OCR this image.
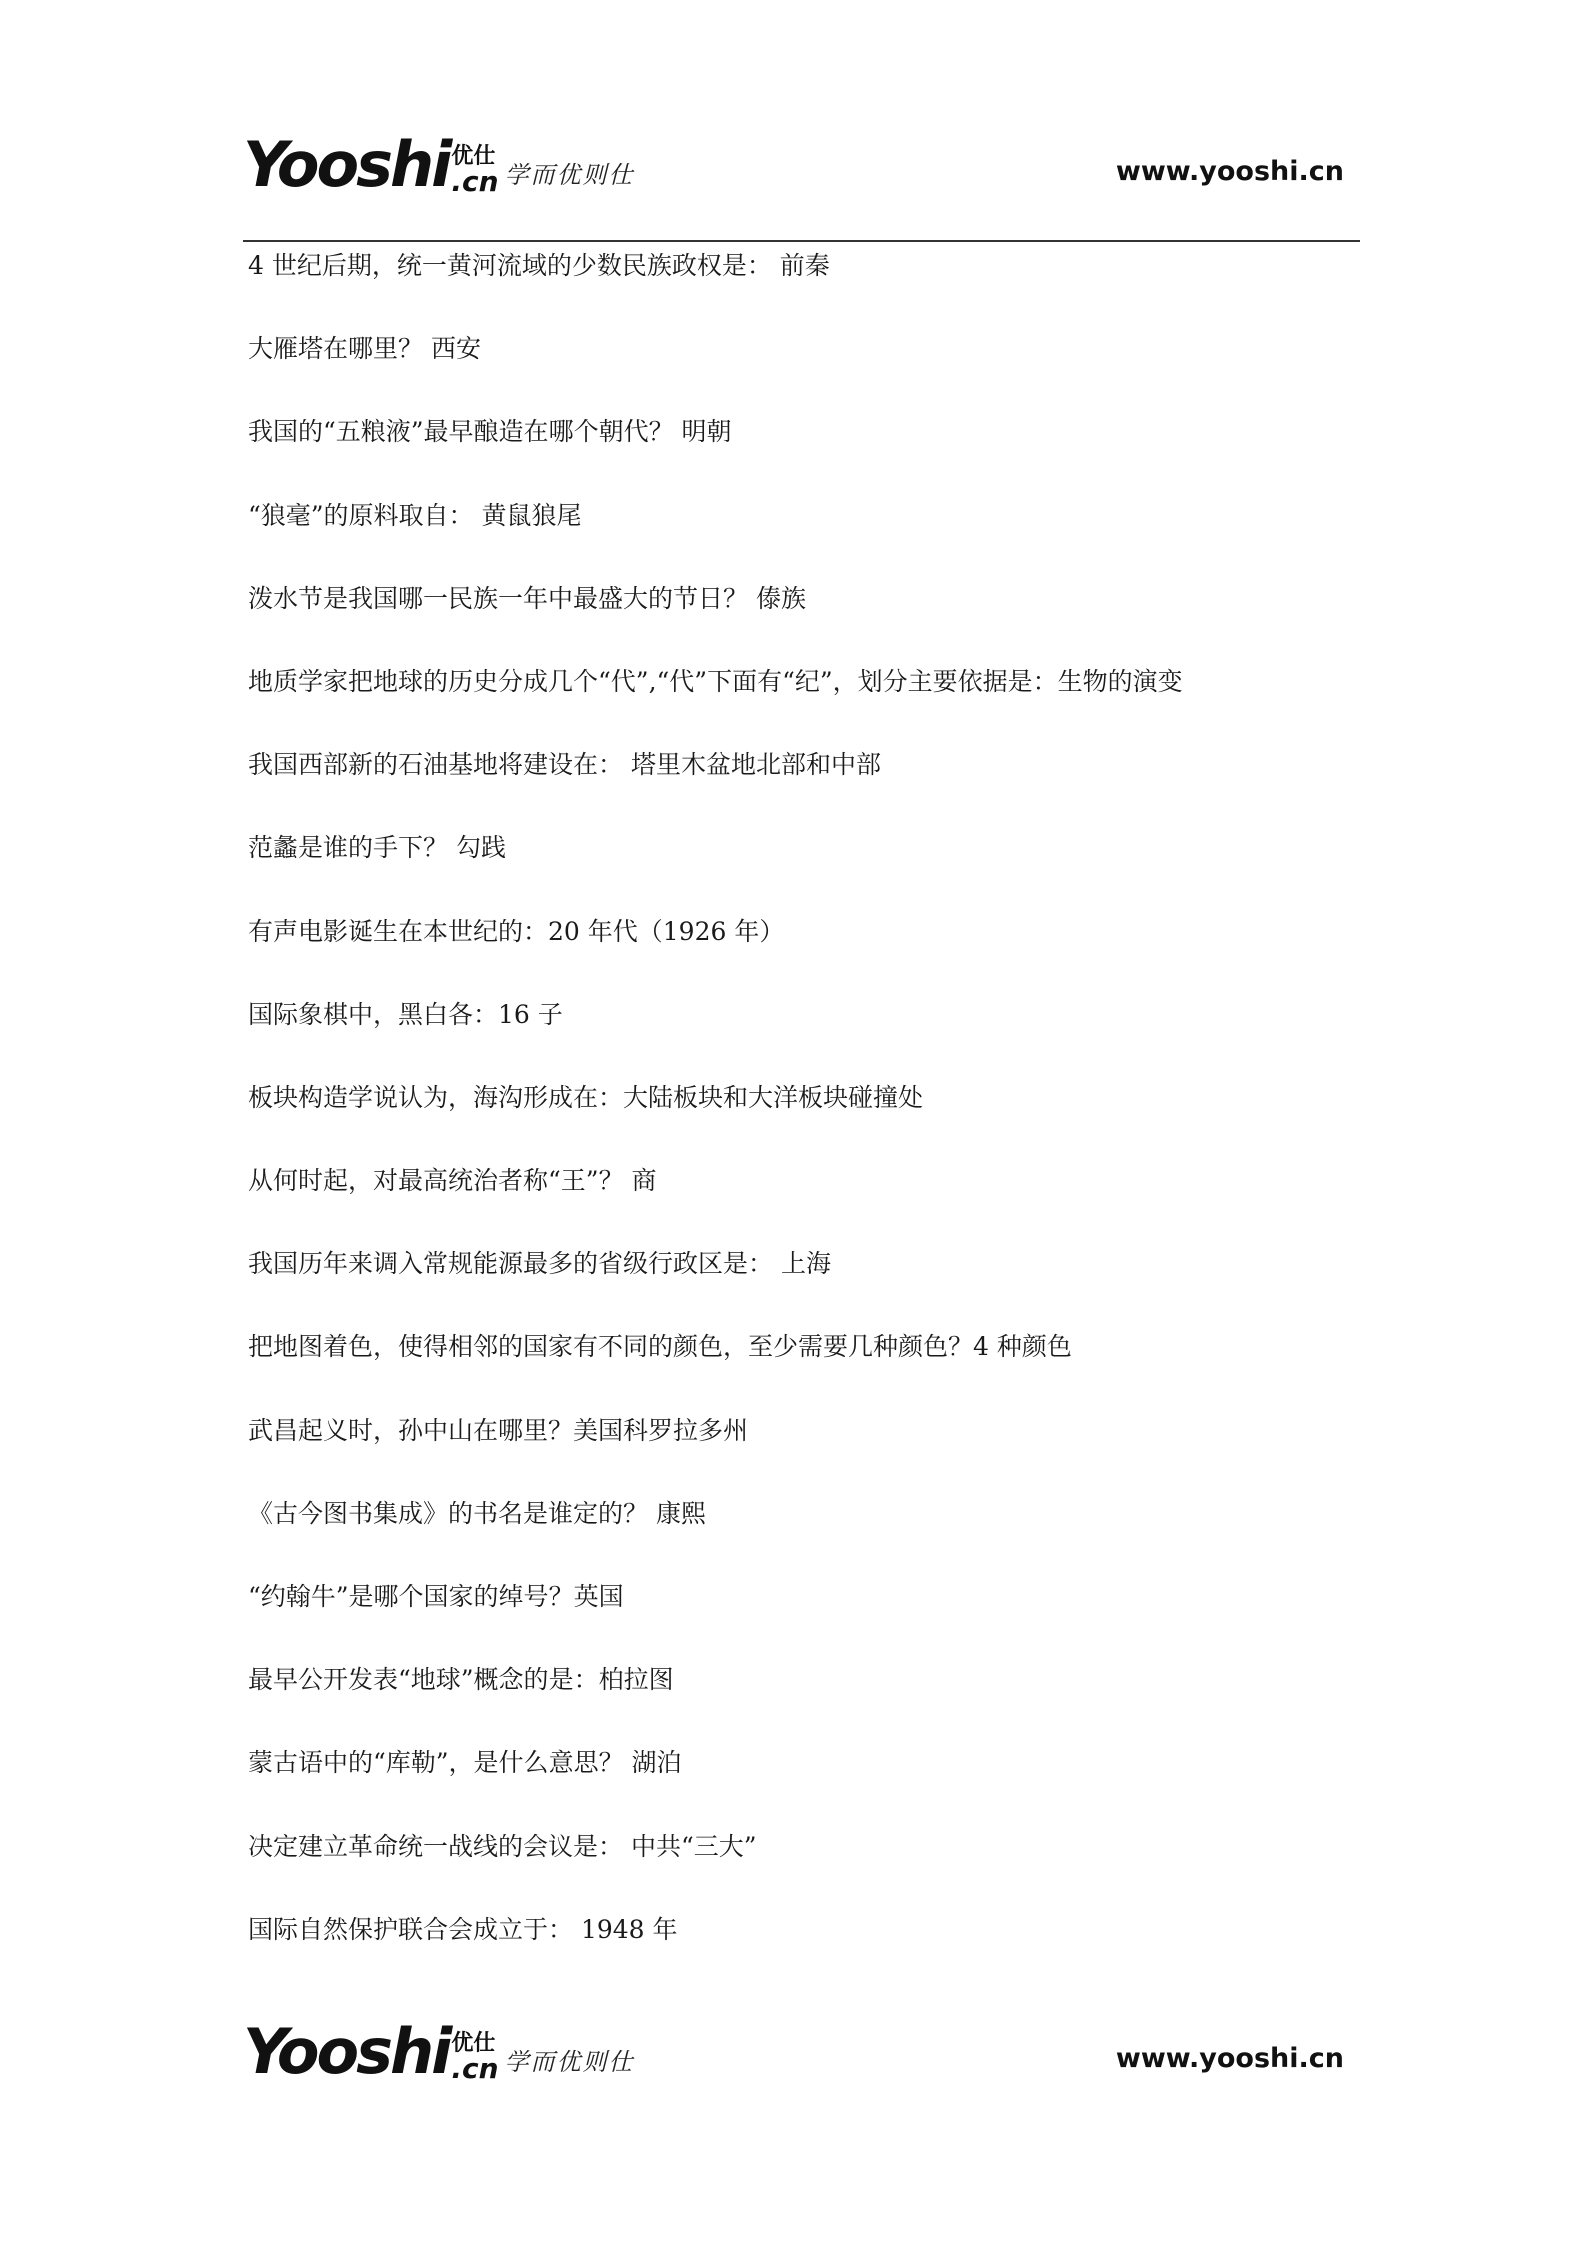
Yooshi 优仕
.cn 学而优则仕	www.yooshi.cn
4 世纪后期，统一黄河流域的少数民族政权是： 前秦
大雁塔在哪里？ 西安
我国的“五粮液”最早酿造在哪个朝代？ 明朝
“狼毫”的原料取自： 黄鼠狼尾
泼水节是我国哪一民族一年中最盛大的节日？ 傣族
地质学家把地球的历史分成几个“代”,“代”下面有“纪”，划分主要依据是：生物的演变
我国西部新的石油基地将建设在： 塔里木盆地北部和中部
范蠡是谁的手下？ 勾践
有声电影诞生在本世纪的：20 年代（1926 年）
国际象棋中，黑白各：16 子
板块构造学说认为，海沟形成在：大陆板块和大洋板块碰撞处
从何时起，对最高统治者称“王”？ 商
我国历年来调入常规能源最多的省级行政区是： 上海
把地图着色，使得相邻的国家有不同的颜色，至少需要几种颜色？4 种颜色
武昌起义时，孙中山在哪里？美国科罗拉多州
《古今图书集成》的书名是谁定的？ 康熙
“约翰牛”是哪个国家的绰号？英国
最早公开发表“地球”概念的是：柏拉图
蒙古语中的“库勒”，是什么意思？ 湖泊
决定建立革命统一战线的会议是： 中共“三大”
国际自然保护联合会成立于： 1948 年
Yooshi 优仕
.cn 学而优则仕	www.yooshi.cn
